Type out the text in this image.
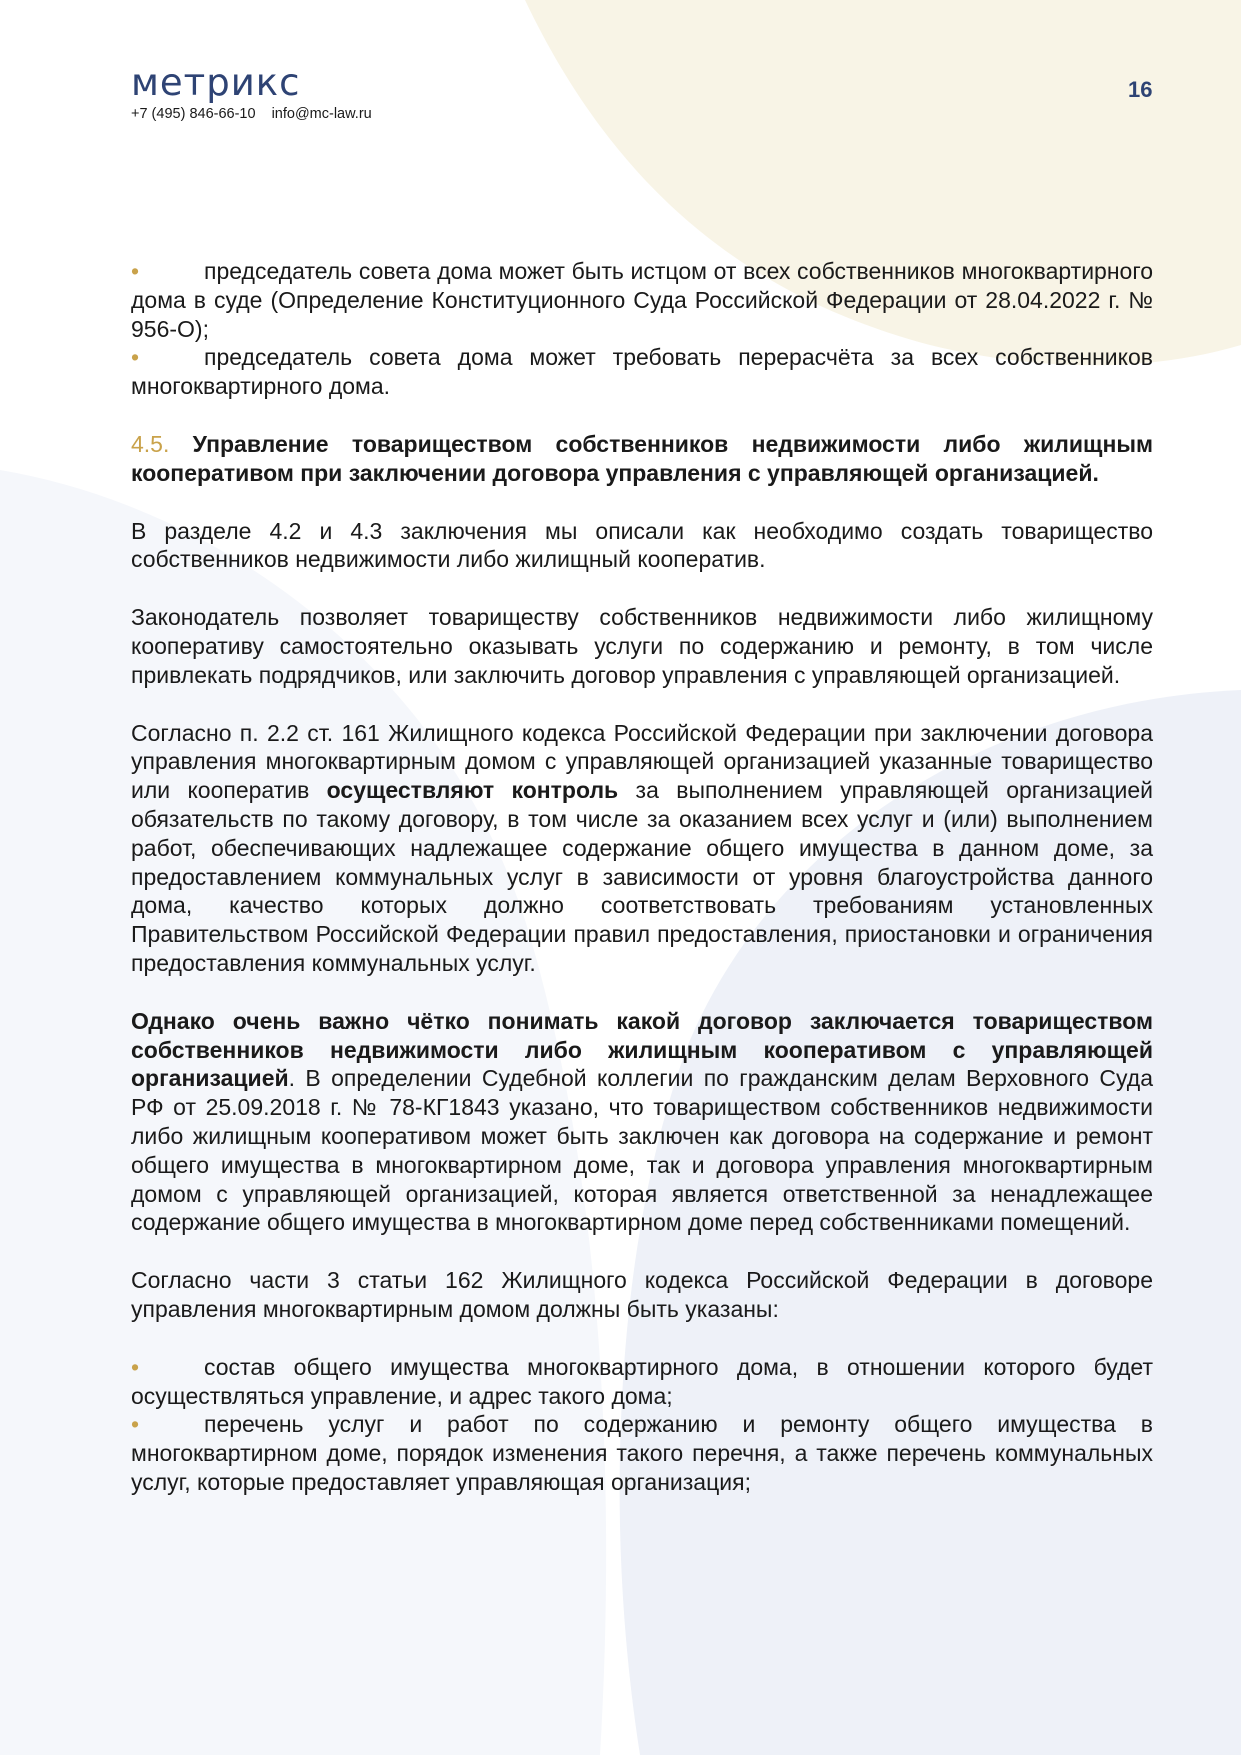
метрикс
+7 (495) 846-66-10 info@mc-law.ru
16

•	председатель совета дома может быть истцом от всех собственников многоквартирного дома в суде (Определение Конституционного Суда Российской Федерации от 28.04.2022 г. № 956-О);

•	председатель совета дома может требовать перерасчёта за всех собственников многоквартирного дома.

4.5. Управление товариществом собственников недвижимости либо жилищным кооперативом при заключении договора управления с управляющей организацией.

В разделе 4.2 и 4.3 заключения мы описали как необходимо создать товарищество собственников недвижимости либо жилищный кооператив.

Законодатель позволяет товариществу собственников недвижимости либо жилищному кооперативу самостоятельно оказывать услуги по содержанию и ремонту, в том числе привлекать подрядчиков, или заключить договор управления с управляющей организацией.

Согласно п. 2.2 ст. 161 Жилищного кодекса Российской Федерации при заключении договора управления многоквартирным домом с управляющей организацией указанные товарищество или кооператив осуществляют контроль за выполнением управляющей организацией обязательств по такому договору, в том числе за оказанием всех услуг и (или) выполнением работ, обеспечивающих надлежащее содержание общего имущества в данном доме, за предоставлением коммунальных услуг в зависимости от уровня благоустройства данного дома, качество которых должно соответствовать требованиям установленных Правительством Российской Федерации правил предоставления, приостановки и ограничения предоставления коммунальных услуг.

Однако очень важно чётко понимать какой договор заключается товариществом собственников недвижимости либо жилищным кооперативом с управляющей организацией. В определении Судебной коллегии по гражданским делам Верховного Суда РФ от 25.09.2018 г. № 78-КГ1843 указано, что товариществом собственников недвижимости либо жилищным кооперативом может быть заключен как договора на содержание и ремонт общего имущества в многоквартирном доме, так и договора управления многоквартирным домом с управляющей организацией, которая является ответственной за ненадлежащее содержание общего имущества в многоквартирном доме перед собственниками помещений.

Согласно части 3 статьи 162 Жилищного кодекса Российской Федерации в договоре управления многоквартирным домом должны быть указаны:

•	состав общего имущества многоквартирного дома, в отношении которого будет осуществляться управление, и адрес такого дома;

•	перечень услуг и работ по содержанию и ремонту общего имущества в многоквартирном доме, порядок изменения такого перечня, а также перечень коммунальных услуг, которые предоставляет управляющая организация;
